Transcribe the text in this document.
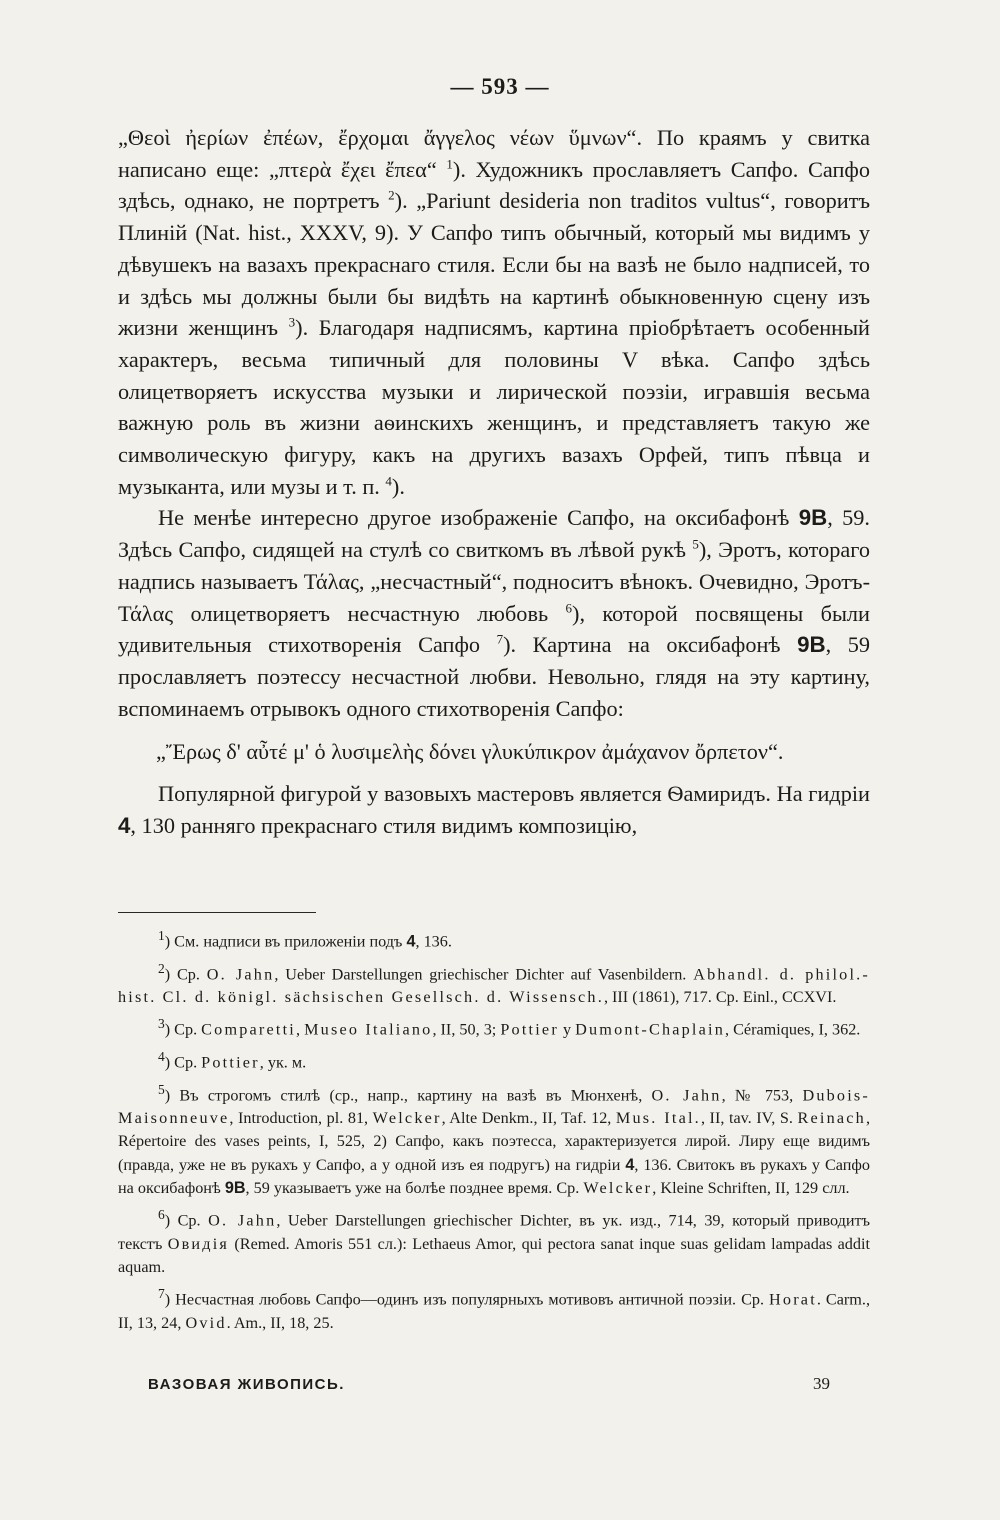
— 593 —

„Θεοὶ ἠερίων ἐπέων, ἔρχομαι ἄγγελος νέων ὕμνων“. По краямъ у свитка написано еще: „πτερὰ ἔχει ἔπεα“ $^1$). Художникъ прославляетъ Сапфо. Сапфо здѣсь, однако, не портретъ $^2$). „Pariunt desideria non traditos vultus“, говоритъ Плиній (Nat. hist., XXXV, 9). У Сапфо типъ обычный, который мы видимъ у дѣвушекъ на вазахъ прекраснаго стиля. Если бы на вазѣ не было надписей, то и здѣсь мы должны были бы видѣть на картинѣ обыкновенную сцену изъ жизни женщинъ $^3$). Благодаря надписямъ, картина пріобрѣтаетъ особенный характеръ, весьма типичный для половины V вѣка. Сапфо здѣсь олицетворяетъ искусства музыки и лирической поэзіи, игравшія весьма важную роль въ жизни аѳинскихъ женщинъ, и представляетъ такую же символическую фигуру, какъ на другихъ вазахъ Орфей, типъ пѣвца и музыканта, или музы и т. п. $^4$).

Не менѣе интересно другое изображеніе Сапфо, на оксибафонѣ 9B, 59. Здѣсь Сапфо, сидящей на стулѣ со свиткомъ въ лѣвой рукѣ $^5$), Эротъ, котораго надпись называетъ Τάλας, „несчастный“, подноситъ вѣнокъ. Очевидно, Эротъ-Τάλας олицетворяетъ несчастную любовь $^6$), которой посвящены были удивительныя стихотворенія Сапфо $^7$). Картина на оксибафонѣ 9B, 59 прославляетъ поэтессу несчастной любви. Невольно, глядя на эту картину, вспоминаемъ отрывокъ одного стихотворенія Сапфо:

„Ἔρως δ' αὖτέ μ' ὁ λυσιμελὴς δόνει γλυκύπικρον ἀμάχανον ὄρπετον“.

Популярной фигурой у вазовыхъ мастеровъ является Ѳамиридъ. На гидріи 4, 130 ранняго прекраснаго стиля видимъ композицію,

$^1$) См. надписи въ приложеніи подъ 4, 136.

$^2$) Ср. O. Jahn, Ueber Darstellungen griechischer Dichter auf Vasenbildern. Abhandl. d. philol.-hist. Cl. d. königl. sächsischen Gesellsch. d. Wissensch., III (1861), 717. Ср. Einl., CCXVI.

$^3$) Ср. Comparetti, Museo Italiano, II, 50, 3; Pottier у Dumont-Chaplain, Céramiques, I, 362.

$^4$) Ср. Pottier, ук. м.

$^5$) Въ строгомъ стилѣ (ср., напр., картину на вазѣ въ Мюнхенѣ, O. Jahn, № 753, Dubois-Maisonneuve, Introduction, pl. 81, Welcker, Alte Denkm., II, Taf. 12, Mus. Ital., II, tav. IV, S. Reinach, Répertoire des vases peints, I, 525, 2) Сапфо, какъ поэтесса, характеризуется лирой. Лиру еще видимъ (правда, уже не въ рукахъ у Сапфо, а у одной изъ ея подругъ) на гидріи 4, 136. Свитокъ въ рукахъ у Сапфо на оксибафонѣ 9B, 59 указываетъ уже на болѣе позднее время. Ср. Welcker, Kleine Schriften, II, 129 слл.

$^6$) Ср. O. Jahn, Ueber Darstellungen griechischer Dichter, въ ук. изд., 714, 39, который приводитъ текстъ Овидія (Remed. Amoris 551 сл.): Lethaeus Amor, qui pectora sanat inque suas gelidam lampadas addit aquam.

$^7$) Несчастная любовь Сапфо—одинъ изъ популярныхъ мотивовъ античной поэзіи. Ср. Horat. Carm., II, 13, 24, Ovid. Am., II, 18, 25.

ВАЗОВАЯ ЖИВОПИСЬ.	39
